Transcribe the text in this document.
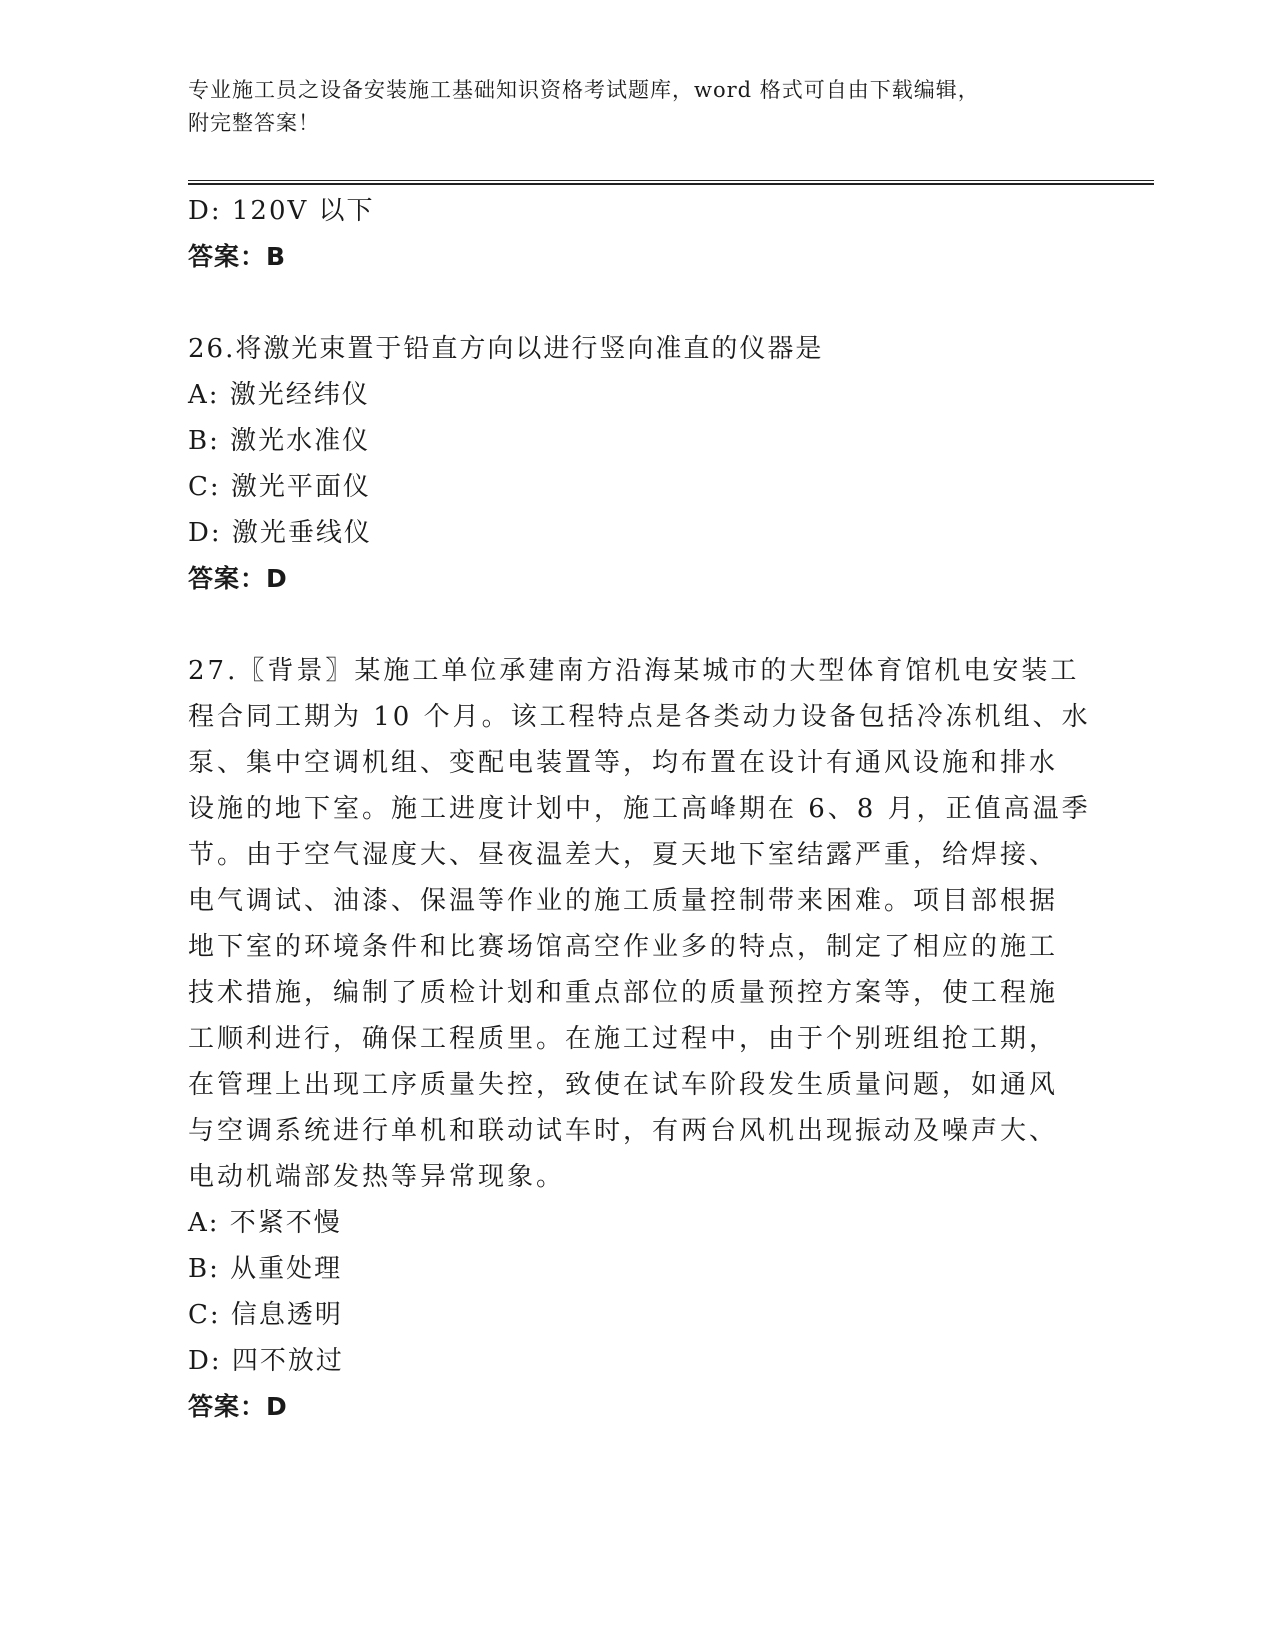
专业施工员之设备安装施工基础知识资格考试题库，word 格式可自由下载编辑，
附完整答案！
D: 120V 以下
答案：B
26.将激光束置于铅直方向以进行竖向准直的仪器是
A: 激光经纬仪
B: 激光水准仪
C: 激光平面仪
D: 激光垂线仪
答案：D
27.〖背景〗某施工单位承建南方沿海某城市的大型体育馆机电安装工
程合同工期为 10 个月。该工程特点是各类动力设备包括冷冻机组、水
泵、集中空调机组、变配电装置等，均布置在设计有通风设施和排水
设施的地下室。施工进度计划中，施工高峰期在 6、8 月，正值高温季
节。由于空气湿度大、昼夜温差大，夏天地下室结露严重，给焊接、
电气调试、油漆、保温等作业的施工质量控制带来困难。项目部根据
地下室的环境条件和比赛场馆高空作业多的特点，制定了相应的施工
技术措施，编制了质检计划和重点部位的质量预控方案等，使工程施
工顺利进行，确保工程质里。在施工过程中，由于个别班组抢工期，
在管理上出现工序质量失控，致使在试车阶段发生质量问题，如通风
与空调系统进行单机和联动试车时，有两台风机出现振动及噪声大、
电动机端部发热等异常现象。
A: 不紧不慢
B: 从重处理
C: 信息透明
D: 四不放过
答案：D
